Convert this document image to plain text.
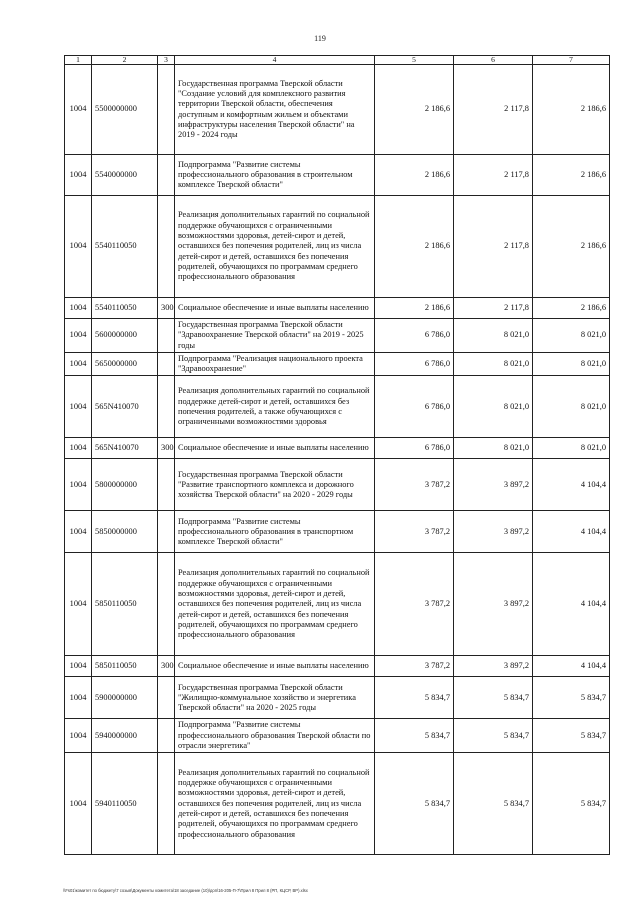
119
1	2	3	4	5	6	7
1004	5500000000		Государственная программа Тверской области "Создание условий для комплексного развития территории Тверской области, обеспечения доступным и комфортным жильем и объектами инфраструктуры населения Тверской области" на 2019 - 2024 годы	2 186,6	2 117,8	2 186,6
1004	5540000000		Подпрограмма "Развитие системы профессионального образования в строительном комплексе Тверской области"	2 186,6	2 117,8	2 186,6
1004	5540110050		Реализация дополнительных гарантий по социальной поддержке обучающихся с ограниченными возможностями здоровья, детей-сирот и детей, оставшихся без попечения родителей, лиц из числа детей-сирот и детей, оставшихся без попечения родителей, обучающихся по программам среднего профессионального образования	2 186,6	2 117,8	2 186,6
1004	5540110050	300	Социальное обеспечение и иные выплаты населению	2 186,6	2 117,8	2 186,6
1004	5600000000		Государственная программа Тверской области "Здравоохранение Тверской области" на 2019 - 2025 годы	6 786,0	8 021,0	8 021,0
1004	5650000000		Подпрограмма "Реализация национального проекта "Здравоохранение"	6 786,0	8 021,0	8 021,0
1004	565N410070		Реализация дополнительных гарантий по социальной поддержке детей-сирот и детей, оставшихся без попечения родителей, а также обучающихся с ограниченными возможностями здоровья	6 786,0	8 021,0	8 021,0
1004	565N410070	300	Социальное обеспечение и иные выплаты населению	6 786,0	8 021,0	8 021,0
1004	5800000000		Государственная программа Тверской области "Развитие транспортного комплекса и дорожного хозяйства Тверской области" на 2020 - 2029 годы	3 787,2	3 897,2	4 104,4
1004	5850000000		Подпрограмма "Развитие системы профессионального образования в транспортном комплексе Тверской области"	3 787,2	3 897,2	4 104,4
1004	5850110050		Реализация дополнительных гарантий по социальной поддержке обучающихся с ограниченными возможностями здоровья, детей-сирот и детей, оставшихся без попечения родителей, лиц из числа детей-сирот и детей, оставшихся без попечения родителей, обучающихся по программам среднего профессионального образования	3 787,2	3 897,2	4 104,4
1004	5850110050	300	Социальное обеспечение и иные выплаты населению	3 787,2	3 897,2	4 104,4
1004	5900000000		Государственная программа Тверской области "Жилищно-коммунальное хозяйство и энергетика Тверской области" на 2020 - 2025 годы	5 834,7	5 834,7	5 834,7
1004	5940000000		Подпрограмма "Развитие системы профессионального образования Тверской области по отрасли энергетика"	5 834,7	5 834,7	5 834,7
1004	5940110050		Реализация дополнительных гарантий по социальной поддержке обучающихся с ограниченными возможностями здоровья, детей-сирот и детей, оставшихся без попечения родителей, лиц из числа детей-сирот и детей, оставшихся без попечения родителей, обучающихся по программам среднего профессионального образования	5 834,7	5 834,7	5 834,7
\\Fs01\комитет по бюджету\7 созыв\Документы комитета\18 заседание (10)\доп\16-205-П-7\Прил 8 Прил 8 (РП, КЦСР, ВР).xlsx
